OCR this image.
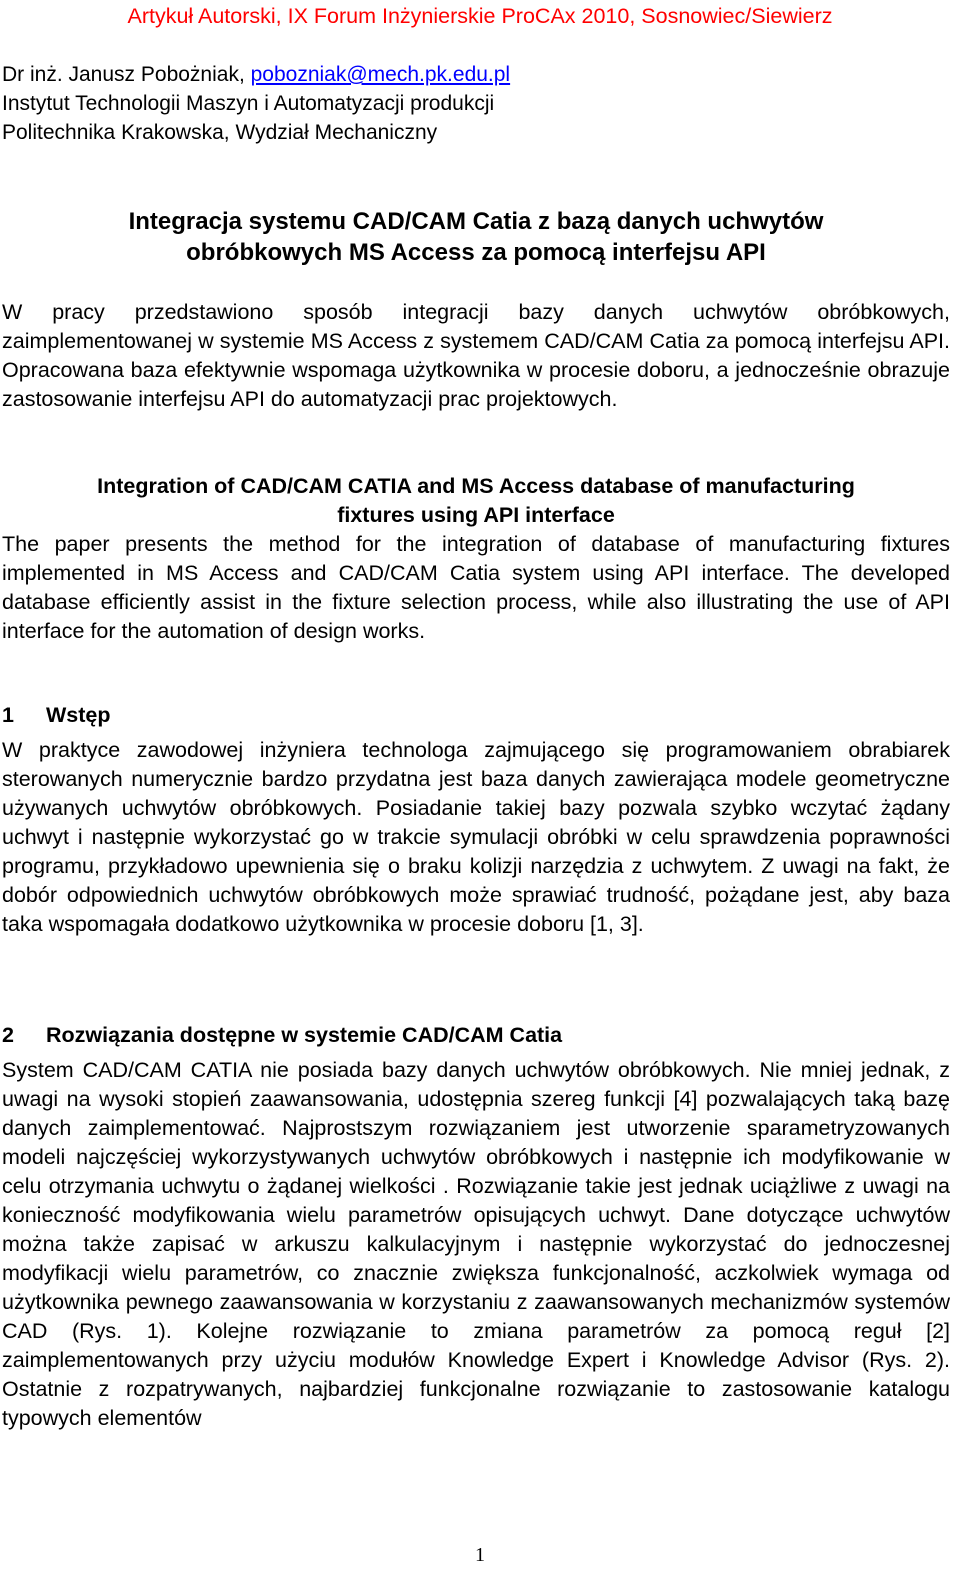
Artykuł Autorski, IX Forum Inżynierskie ProCAx 2010, Sosnowiec/Siewierz
Dr inż. Janusz Pobożniak, pobozniak@mech.pk.edu.pl
Instytut Technologii Maszyn i Automatyzacji produkcji
Politechnika Krakowska, Wydział Mechaniczny
Integracja systemu CAD/CAM Catia z bazą danych uchwytów
obróbkowych MS Access za pomocą interfejsu API

W pracy przedstawiono sposób integracji bazy danych uchwytów obróbkowych, zaimplementowanej w systemie MS Access z systemem CAD/CAM Catia za pomocą interfejsu API. Opracowana baza efektywnie wspomaga użytkownika w procesie doboru, a jednocześnie obrazuje zastosowanie interfejsu API do automatyzacji prac projektowych.

Integration of CAD/CAM CATIA and MS Access database of manufacturing
fixtures using API interface

The paper presents the method for the integration of database of manufacturing fixtures implemented in MS Access and CAD/CAM Catia system using API interface. The developed database efficiently assist in the fixture selection process, while also illustrating the use of API interface for the automation of design works.

1 Wstęp

W praktyce zawodowej inżyniera technologa zajmującego się programowaniem obrabiarek sterowanych numerycznie bardzo przydatna jest baza danych zawierająca modele geometryczne używanych uchwytów obróbkowych. Posiadanie takiej bazy pozwala szybko wczytać żądany uchwyt i następnie wykorzystać go w trakcie symulacji obróbki w celu sprawdzenia poprawności programu, przykładowo upewnienia się o braku kolizji narzędzia z uchwytem. Z uwagi na fakt, że dobór odpowiednich uchwytów obróbkowych może sprawiać trudność, pożądane jest, aby baza taka wspomagała dodatkowo użytkownika w procesie doboru [1, 3].

2 Rozwiązania dostępne w systemie CAD/CAM Catia

System CAD/CAM CATIA nie posiada bazy danych uchwytów obróbkowych. Nie mniej jednak, z uwagi na wysoki stopień zaawansowania, udostępnia szereg funkcji [4] pozwalających taką bazę danych zaimplementować. Najprostszym rozwiązaniem jest utworzenie sparametryzowanych modeli najczęściej wykorzystywanych uchwytów obróbkowych i następnie ich modyfikowanie w celu otrzymania uchwytu o żądanej wielkości . Rozwiązanie takie jest jednak uciążliwe z uwagi na konieczność modyfikowania wielu parametrów opisujących uchwyt. Dane dotyczące uchwytów można także zapisać w arkuszu kalkulacyjnym i następnie wykorzystać do jednoczesnej modyfikacji wielu parametrów, co znacznie zwiększa funkcjonalność, aczkolwiek wymaga od użytkownika pewnego zaawansowania w korzystaniu z zaawansowanych mechanizmów systemów CAD (Rys. 1). Kolejne rozwiązanie to zmiana parametrów za pomocą reguł [2] zaimplementowanych przy użyciu modułów Knowledge Expert i Knowledge Advisor (Rys. 2). Ostatnie z rozpatrywanych, najbardziej funkcjonalne rozwiązanie to zastosowanie katalogu typowych elementów

1
